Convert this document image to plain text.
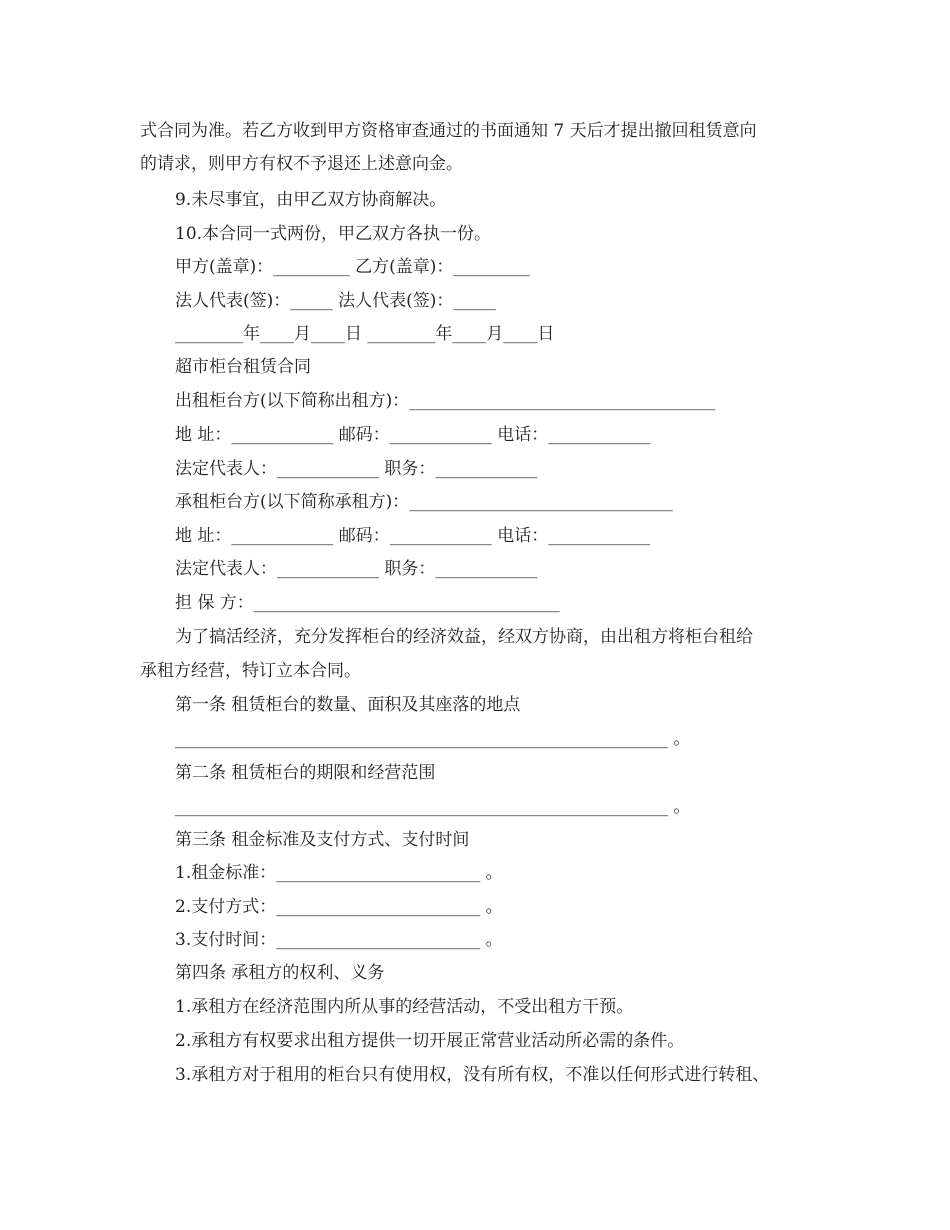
式合同为准。若乙方收到甲方资格审查通过的书面通知 7 天后才提出撤回租赁意向
的请求，则甲方有权不予退还上述意向金。
9.未尽事宜，由甲乙双方协商解决。
10.本合同一式两份，甲乙双方各执一份。
甲方(盖章)：_________ 乙方(盖章)：_________
法人代表(签)：_____ 法人代表(签)：_____
________年____月____日 ________年____月____日
超市柜台租赁合同
出租柜台方(以下简称出租方)：____________________________________
地 址：____________ 邮码：____________ 电话：____________
法定代表人：____________ 职务：____________
承租柜台方(以下简称承租方)：_______________________________
地 址：____________ 邮码：____________ 电话：____________
法定代表人：____________ 职务：____________
担 保 方：____________________________________
为了搞活经济，充分发挥柜台的经济效益，经双方协商，由出租方将柜台租给
承租方经营，特订立本合同。
第一条 租赁柜台的数量、面积及其座落的地点
__________________________________________________________ 。
第二条 租赁柜台的期限和经营范围
__________________________________________________________ 。
第三条 租金标准及支付方式、支付时间
1.租金标准：________________________ 。
2.支付方式：________________________ 。
3.支付时间：________________________ 。
第四条 承租方的权利、义务
1.承租方在经济范围内所从事的经营活动，不受出租方干预。
2.承租方有权要求出租方提供一切开展正常营业活动所必需的条件。
3.承租方对于租用的柜台只有使用权，没有所有权，不准以任何形式进行转租、
